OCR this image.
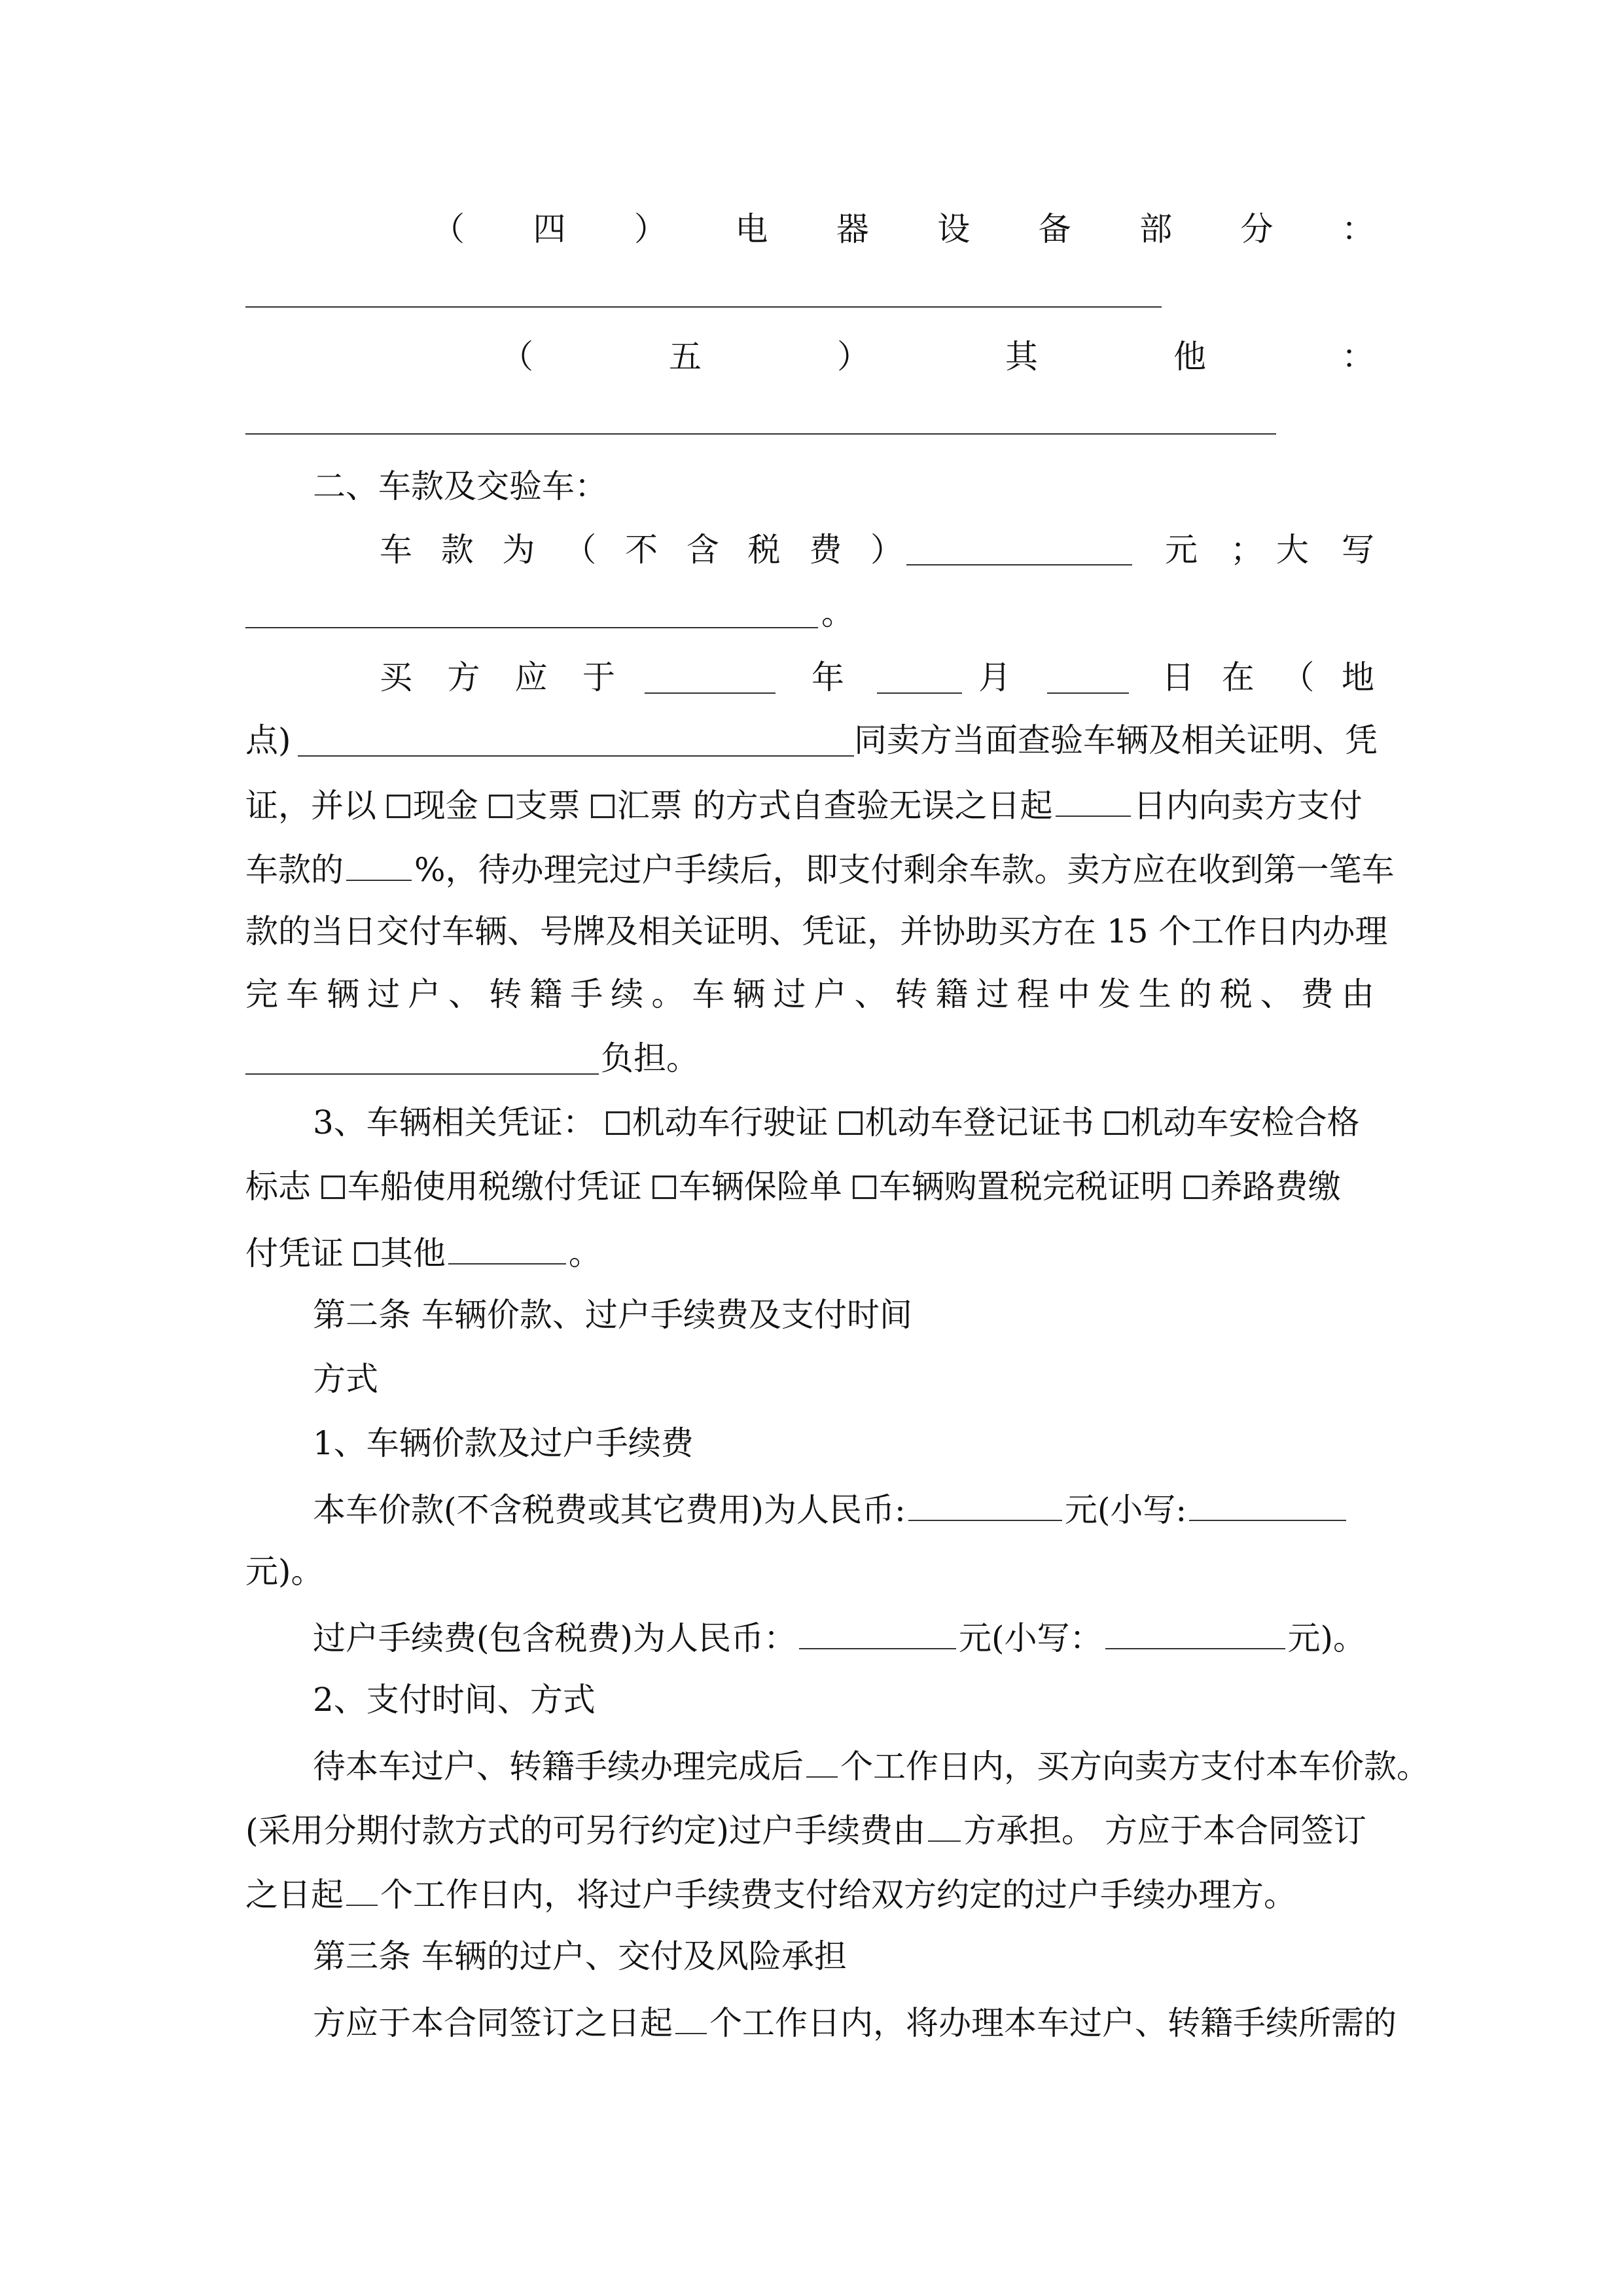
（ 四 ） 电 器 设 备 部 分 ：
（	五	）	其	他	：
二、车款及交验车：
车 款 为 （ 不 含 税 费 ）	元 ； 大 写
。
买 方 应 于	年	月	日 在 （ 地
点)	同卖方当面查验车辆及相关证明、凭
证，并以 现金 支票 汇票 的方式自查验无误之日起 日内向卖方支付
车款的 %，待办理完过户手续后，即支付剩余车款。卖方应在收到第一笔车
款的当日交付车辆、号牌及相关证明、凭证，并协助买方在 15 个工作日内办理
完 车 辆 过 户 、 转 籍 手 续 。 车 辆 过 户 、 转 籍 过 程 中 发 生 的 税 、 费 由
负担。
3、车辆相关凭证： 机动车行驶证 机动车登记证书 机动车安检合格
标志 车船使用税缴付凭证 车辆保险单 车辆购置税完税证明 养路费缴
付凭证 其他	。
第二条 车辆价款、过户手续费及支付时间
方式
1、车辆价款及过户手续费
本车价款(不含税费或其它费用)为人民币:	元(小写:
元)。
过户手续费(包含税费)为人民币：	元(小写：	元)。
2、支付时间、方式
待本车过户、转籍手续办理完成后 个工作日内，买方向卖方支付本车价款。
(采用分期付款方式的可另行约定)过户手续费由 方承担。 方应于本合同签订
之日起 个工作日内，将过户手续费支付给双方约定的过户手续办理方。
第三条 车辆的过户、交付及风险承担
方应于本合同签订之日起 个工作日内，将办理本车过户、转籍手续所需的
